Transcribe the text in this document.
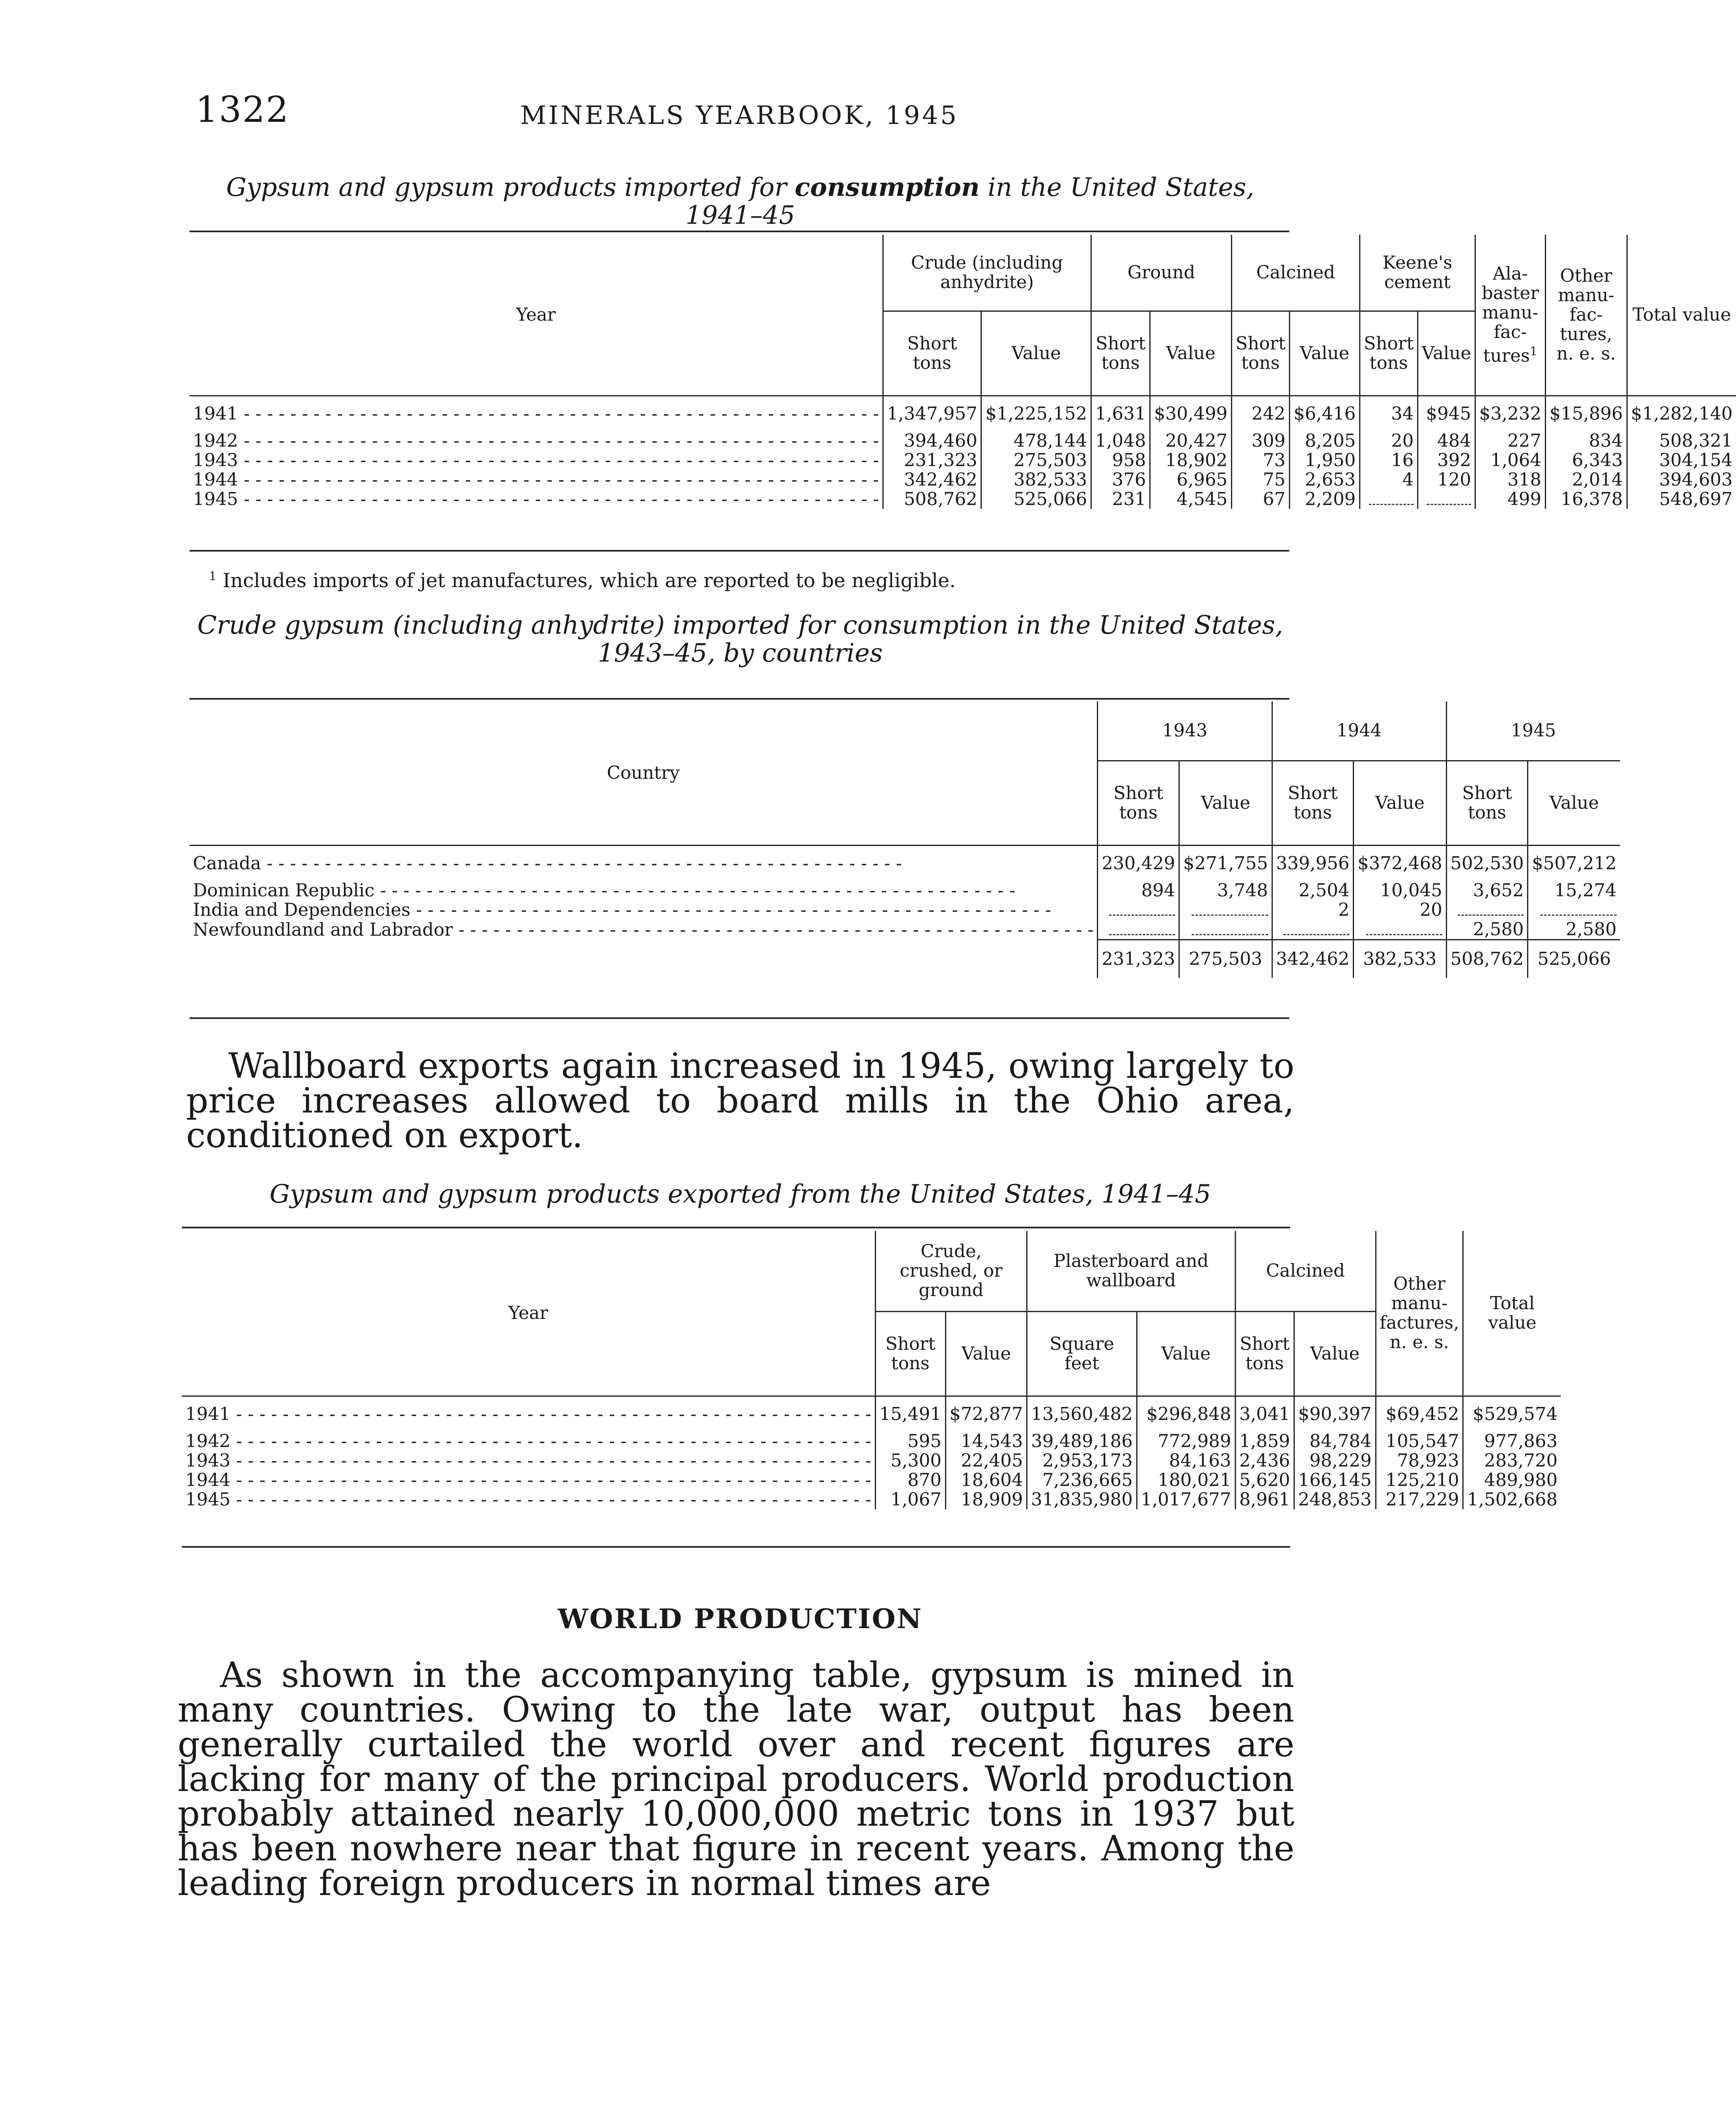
1322	MINERALS YEARBOOK, 1945
Gypsum and gypsum products imported for consumption in the United States, 1941–45
Year	Crude (including anhydrite)		Ground		Calcined		Keene's cement		Ala-baster manu-fac-tures$^1$	Other manu-fac-tures, n. e. s.	Total value
	Short tons	Value	Short tons	Value	Short tons	Value	Short tons	Value			
1941 - - -	1,347,957	$1,225,152	1,631	$30,499	242	$6,416	34	$945	$3,232	$15,896	$1,282,140
1942 - - -	394,460	478,144	1,048	20,427	309	8,205	20	484	227	834	508,321
1943 - - -	231,323	275,503	958	18,902	73	1,950	16	392	1,064	6,343	304,154
1944 - - -	342,462	382,533	376	6,965	75	2,653	4	120	318	2,014	394,603
1945 - - -	508,762	525,066	231	4,545	67	2,209			499	16,378	548,697
$^1$ Includes imports of jet manufactures, which are reported to be negligible.
Crude gypsum (including anhydrite) imported for consumption in the United States,
1943–45, by countries
Country	1943		1944		1945	
	Short tons	Value	Short tons	Value	Short tons	Value
Canada - - -	230,429	$271,755	339,956	$372,468	502,530	$507,212
Dominican Republic - - -	894	3,748	2,504	10,045	3,652	15,274
India and Dependencies - - -			2	20		
Newfoundland and Labrador - - -					2,580	2,580
	231,323	275,503	342,462	382,533	508,762	525,066
Wallboard exports again increased in 1945, owing largely to price increases allowed to board mills in the Ohio area, conditioned on export.
Gypsum and gypsum products exported from the United States, 1941–45
Year	Crude, crushed, or ground		Plasterboard and wallboard		Calcined		Other manu-factures, n. e. s.	Total value
	Short tons	Value	Square feet	Value	Short tons	Value		
1941 - - -	15,491	$72,877	13,560,482	$296,848	3,041	$90,397	$69,452	$529,574
1942 - - -	595	14,543	39,489,186	772,989	1,859	84,784	105,547	977,863
1943 - - -	5,300	22,405	2,953,173	84,163	2,436	98,229	78,923	283,720
1944 - - -	870	18,604	7,236,665	180,021	5,620	166,145	125,210	489,980
1945 - - -	1,067	18,909	31,835,980	1,017,677	8,961	248,853	217,229	1,502,668
WORLD PRODUCTION
As shown in the accompanying table, gypsum is mined in many countries. Owing to the late war, output has been generally curtailed the world over and recent figures are lacking for many of the principal producers. World production probably attained nearly 10,000,000 metric tons in 1937 but has been nowhere near that figure in recent years. Among the leading foreign producers in normal times are
